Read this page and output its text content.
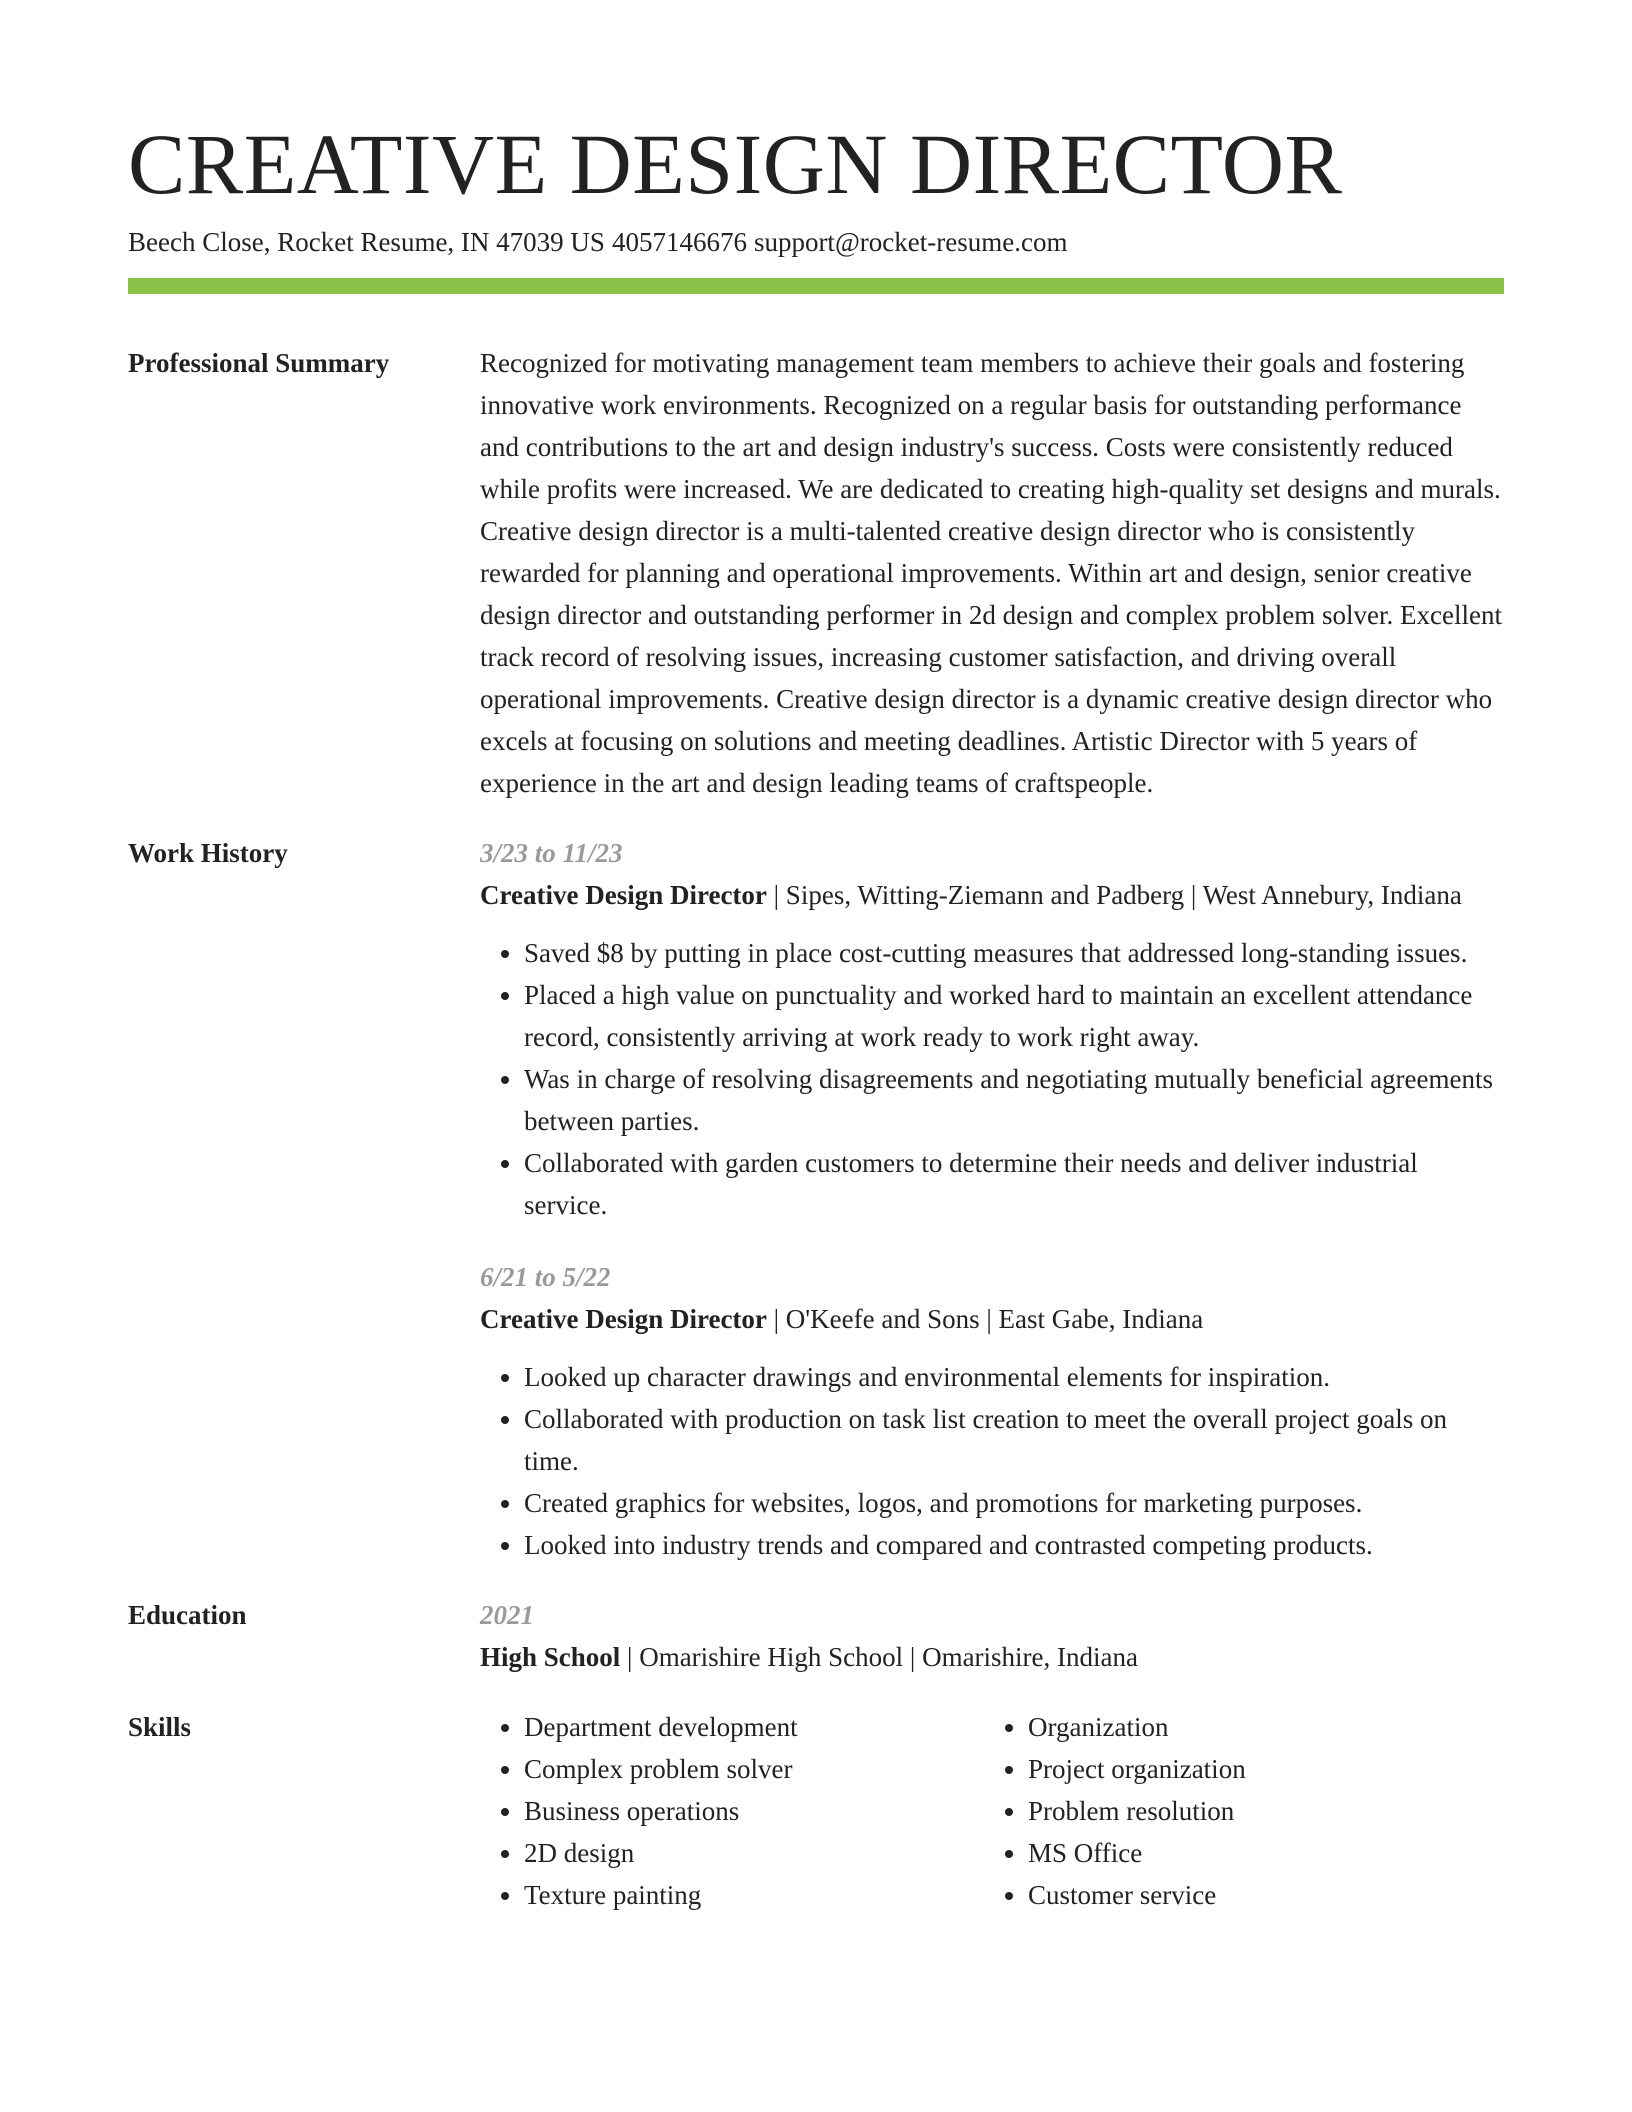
CREATIVE DESIGN DIRECTOR
Beech Close, Rocket Resume, IN 47039 US 4057146676 support@rocket-resume.com
Professional Summary	Recognized for motivating management team members to achieve their goals and fostering innovative work environments. Recognized on a regular basis for outstanding performance and contributions to the art and design industry's success. Costs were consistently reduced while profits were increased. We are dedicated to creating high-quality set designs and murals. Creative design director is a multi-talented creative design director who is consistently rewarded for planning and operational improvements. Within art and design, senior creative design director and outstanding performer in 2d design and complex problem solver. Excellent track record of resolving issues, increasing customer satisfaction, and driving overall operational improvements. Creative design director is a dynamic creative design director who excels at focusing on solutions and meeting deadlines. Artistic Director with 5 years of experience in the art and design leading teams of craftspeople.
Work History	3/23 to 11/23
Creative Design Director | Sipes, Witting-Ziemann and Padberg | West Annebury, Indiana
• Saved $8 by putting in place cost-cutting measures that addressed long-standing issues.
• Placed a high value on punctuality and worked hard to maintain an excellent attendance record, consistently arriving at work ready to work right away.
• Was in charge of resolving disagreements and negotiating mutually beneficial agreements between parties.
• Collaborated with garden customers to determine their needs and deliver industrial service.
6/21 to 5/22
Creative Design Director | O'Keefe and Sons | East Gabe, Indiana
• Looked up character drawings and environmental elements for inspiration.
• Collaborated with production on task list creation to meet the overall project goals on time.
• Created graphics for websites, logos, and promotions for marketing purposes.
• Looked into industry trends and compared and contrasted competing products.
Education	2021
High School | Omarishire High School | Omarishire, Indiana
Skills
•	Department development
• Complex problem solver
• Business operations
• 2D design
• Texture painting
• Organization
• Project organization
• Problem resolution
• MS Office
• Customer service
